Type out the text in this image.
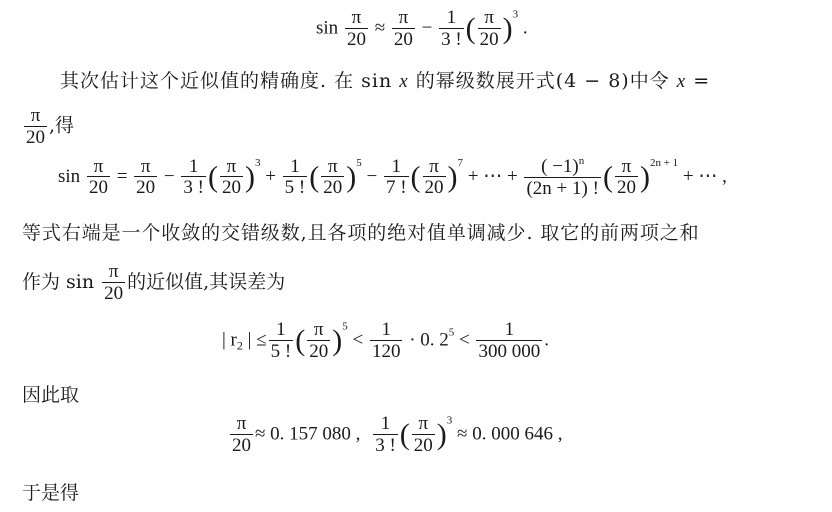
$\sin \frac{\pi}{20} \approx \frac{\pi}{20} - \frac{1}{3 !}$ ( $\frac{\pi}{20} )^3$ .
其次估计这个近似值的精确度. 在 sin x 的幂级数展开式(4 − 8)中令 x =
$\frac{\pi}{20}$ ,得
$\sin \frac{\pi}{20} = \frac{\pi}{20} - \frac{1}{3 !}$ ( $\frac{\pi}{20} )^3 + \frac{1}{5 !}$ ( $\frac{\pi}{20} )^5 - \frac{1}{7 !}$ ( $\frac{\pi}{20} )^7$ + ⋯ + $\frac{( -1)^n}{(2n + 1) !}$ ( $\frac{\pi}{20} )^{2n + 1}$ + ⋯ ,
等式右端是一个收敛的交错级数,且各项的绝对值单调减少. 取它的前两项之和
作为 $\sin \frac{\pi}{20}$ 的近似值,其误差为
| $r_2$ | ≤ $\frac{1}{5 !}$ ( $\frac{\pi}{20} )^5 < \frac{1}{120} \cdot 0$. $2^5 < \frac{1}{300 000}$ .
因此取
$\frac{\pi}{20} \approx 0$. 157 080 , $\frac{1}{3 !}$ ( $\frac{\pi}{20} )^3 \approx 0$. 000 646 ,
于是得
